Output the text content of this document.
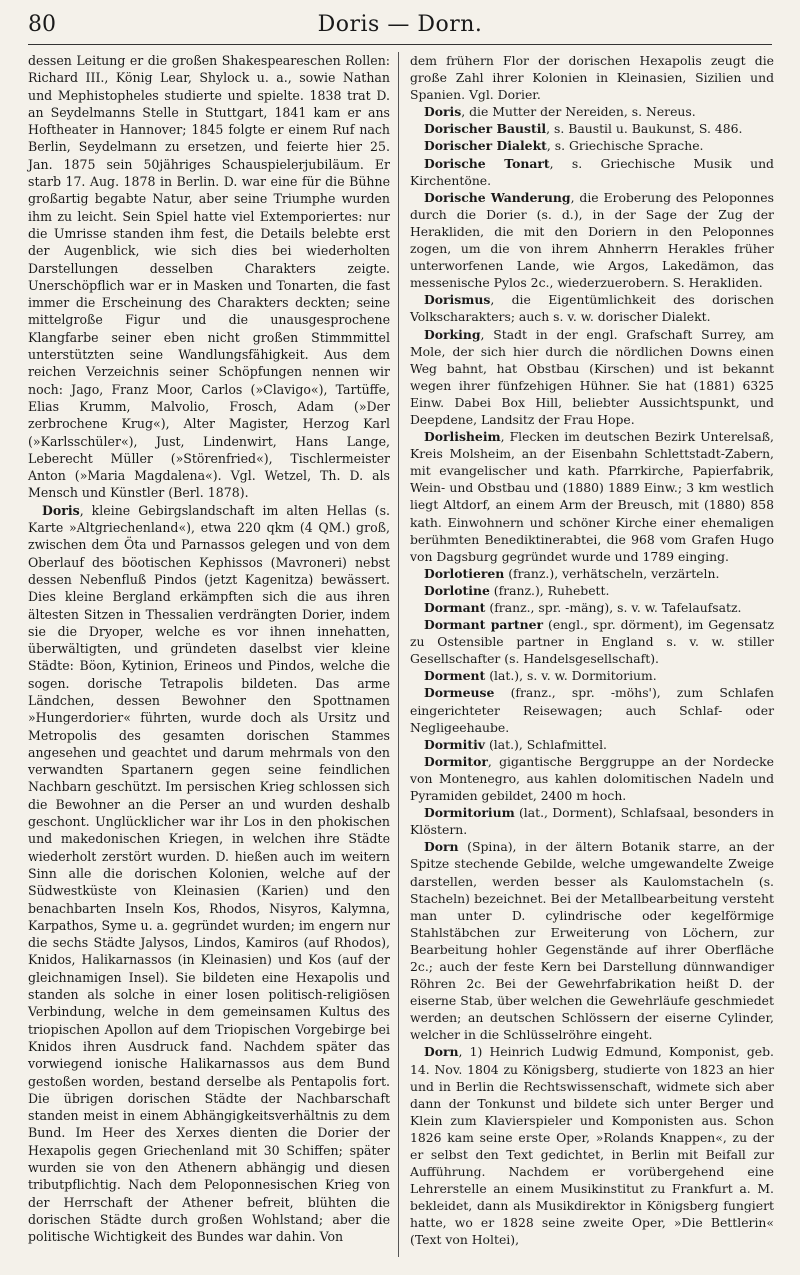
80	Doris — Dorn.

dessen Leitung er die großen Shakespeareschen Rollen: Richard III., König Lear, Shylock u. a., sowie Nathan und Mephistopheles studierte und spielte. 1838 trat D. an Seydelmanns Stelle in Stuttgart, 1841 kam er ans Hoftheater in Hannover; 1845 folgte er einem Ruf nach Berlin, Seydelmann zu ersetzen, und feierte hier 25. Jan. 1875 sein 50jähriges Schauspielerjubiläum. Er starb 17. Aug. 1878 in Berlin. D. war eine für die Bühne großartig begabte Natur, aber seine Triumphe wurden ihm zu leicht. Sein Spiel hatte viel Extemporiertes: nur die Umrisse standen ihm fest, die Details belebte erst der Augenblick, wie sich dies bei wiederholten Darstellungen desselben Charakters zeigte. Unerschöpflich war er in Masken und Tonarten, die fast immer die Erscheinung des Charakters deckten; seine mittelgroße Figur und die unausgesprochene Klangfarbe seiner eben nicht großen Stimmmittel unterstützten seine Wandlungsfähigkeit. Aus dem reichen Verzeichnis seiner Schöpfungen nennen wir noch: Jago, Franz Moor, Carlos (»Clavigo«), Tartüffe, Elias Krumm, Malvolio, Frosch, Adam (»Der zerbrochene Krug«), Alter Magister, Herzog Karl (»Karlsschüler«), Just, Lindenwirt, Hans Lange, Leberecht Müller (»Störenfried«), Tischlermeister Anton (»Maria Magdalena«). Vgl. Wetzel, Th. D. als Mensch und Künstler (Berl. 1878).

Doris, kleine Gebirgslandschaft im alten Hellas (s. Karte »Altgriechenland«), etwa 220 qkm (4 QM.) groß, zwischen dem Öta und Parnassos gelegen und von dem Oberlauf des böotischen Kephissos (Mavroneri) nebst dessen Nebenfluß Pindos (jetzt Kagenitza) bewässert. Dies kleine Bergland erkämpften sich die aus ihren ältesten Sitzen in Thessalien verdrängten Dorier, indem sie die Dryoper, welche es vor ihnen innehatten, überwältigten, und gründeten daselbst vier kleine Städte: Böon, Kytinion, Erineos und Pindos, welche die sogen. dorische Tetrapolis bildeten. Das arme Ländchen, dessen Bewohner den Spottnamen »Hungerdorier« führten, wurde doch als Ursitz und Metropolis des gesamten dorischen Stammes angesehen und geachtet und darum mehrmals von den verwandten Spartanern gegen seine feindlichen Nachbarn geschützt. Im persischen Krieg schlossen sich die Bewohner an die Perser an und wurden deshalb geschont. Unglücklicher war ihr Los in den phokischen und makedonischen Kriegen, in welchen ihre Städte wiederholt zerstört wurden. D. hießen auch im weitern Sinn alle die dorischen Kolonien, welche auf der Südwestküste von Kleinasien (Karien) und den benachbarten Inseln Kos, Rhodos, Nisyros, Kalymna, Karpathos, Syme u. a. gegründet wurden; im engern nur die sechs Städte Jalysos, Lindos, Kamiros (auf Rhodos), Knidos, Halikarnassos (in Kleinasien) und Kos (auf der gleichnamigen Insel). Sie bildeten eine Hexapolis und standen als solche in einer losen politisch-religiösen Verbindung, welche in dem gemeinsamen Kultus des triopischen Apollon auf dem Triopischen Vorgebirge bei Knidos ihren Ausdruck fand. Nachdem später das vorwiegend ionische Halikarnassos aus dem Bund gestoßen worden, bestand derselbe als Pentapolis fort. Die übrigen dorischen Städte der Nachbarschaft standen meist in einem Abhängigkeitsverhältnis zu dem Bund. Im Heer des Xerxes dienten die Dorier der Hexapolis gegen Griechenland mit 30 Schiffen; später wurden sie von den Athenern abhängig und diesen tributpflichtig. Nach dem Peloponnesischen Krieg von der Herrschaft der Athener befreit, blühten die dorischen Städte durch großen Wohlstand; aber die politische Wichtigkeit des Bundes war dahin. Von

dem frühern Flor der dorischen Hexapolis zeugt die große Zahl ihrer Kolonien in Kleinasien, Sizilien und Spanien. Vgl. Dorier.

Doris, die Mutter der Nereiden, s. Nereus.

Dorischer Baustil, s. Baustil u. Baukunst, S. 486.

Dorischer Dialekt, s. Griechische Sprache.

Dorische Tonart, s. Griechische Musik und Kirchentöne.

Dorische Wanderung, die Eroberung des Peloponnes durch die Dorier (s. d.), in der Sage der Zug der Herakliden, die mit den Doriern in den Peloponnes zogen, um die von ihrem Ahnherrn Herakles früher unterworfenen Lande, wie Argos, Lakedämon, das messenische Pylos 2c., wiederzuerobern. S. Herakliden.

Dorismus, die Eigentümlichkeit des dorischen Volkscharakters; auch s. v. w. dorischer Dialekt.

Dorking, Stadt in der engl. Grafschaft Surrey, am Mole, der sich hier durch die nördlichen Downs einen Weg bahnt, hat Obstbau (Kirschen) und ist bekannt wegen ihrer fünfzehigen Hühner. Sie hat (1881) 6325 Einw. Dabei Box Hill, beliebter Aussichtspunkt, und Deepdene, Landsitz der Frau Hope.

Dorlisheim, Flecken im deutschen Bezirk Unterelsaß, Kreis Molsheim, an der Eisenbahn Schlettstadt-Zabern, mit evangelischer und kath. Pfarrkirche, Papierfabrik, Wein- und Obstbau und (1880) 1889 Einw.; 3 km westlich liegt Altdorf, an einem Arm der Breusch, mit (1880) 858 kath. Einwohnern und schöner Kirche einer ehemaligen berühmten Benediktinerabtei, die 968 vom Grafen Hugo von Dagsburg gegründet wurde und 1789 einging.

Dorlotieren (franz.), verhätscheln, verzärteln.

Dorlotine (franz.), Ruhebett.

Dormant (franz., spr. -mäng), s. v. w. Tafelaufsatz.

Dormant partner (engl., spr. dörment), im Gegensatz zu Ostensible partner in England s. v. w. stiller Gesellschafter (s. Handelsgesellschaft).

Dorment (lat.), s. v. w. Dormitorium.

Dormeuse (franz., spr. -möhs'), zum Schlafen eingerichteter Reisewagen; auch Schlaf- oder Negligeehaube.

Dormitiv (lat.), Schlafmittel.

Dormitor, gigantische Berggruppe an der Nordecke von Montenegro, aus kahlen dolomitischen Nadeln und Pyramiden gebildet, 2400 m hoch.

Dormitorium (lat., Dorment), Schlafsaal, besonders in Klöstern.

Dorn (Spina), in der ältern Botanik starre, an der Spitze stechende Gebilde, welche umgewandelte Zweige darstellen, werden besser als Kaulomstacheln (s. Stacheln) bezeichnet. Bei der Metallbearbeitung versteht man unter D. cylindrische oder kegelförmige Stahlstäbchen zur Erweiterung von Löchern, zur Bearbeitung hohler Gegenstände auf ihrer Oberfläche 2c.; auch der feste Kern bei Darstellung dünnwandiger Röhren 2c. Bei der Gewehrfabrikation heißt D. der eiserne Stab, über welchen die Gewehrläufe geschmiedet werden; an deutschen Schlössern der eiserne Cylinder, welcher in die Schlüsselröhre eingeht.

Dorn, 1) Heinrich Ludwig Edmund, Komponist, geb. 14. Nov. 1804 zu Königsberg, studierte von 1823 an hier und in Berlin die Rechtswissenschaft, widmete sich aber dann der Tonkunst und bildete sich unter Berger und Klein zum Klavierspieler und Komponisten aus. Schon 1826 kam seine erste Oper, »Rolands Knappen«, zu der er selbst den Text gedichtet, in Berlin mit Beifall zur Aufführung. Nachdem er vorübergehend eine Lehrerstelle an einem Musikinstitut zu Frankfurt a. M. bekleidet, dann als Musikdirektor in Königsberg fungiert hatte, wo er 1828 seine zweite Oper, »Die Bettlerin« (Text von Holtei),
